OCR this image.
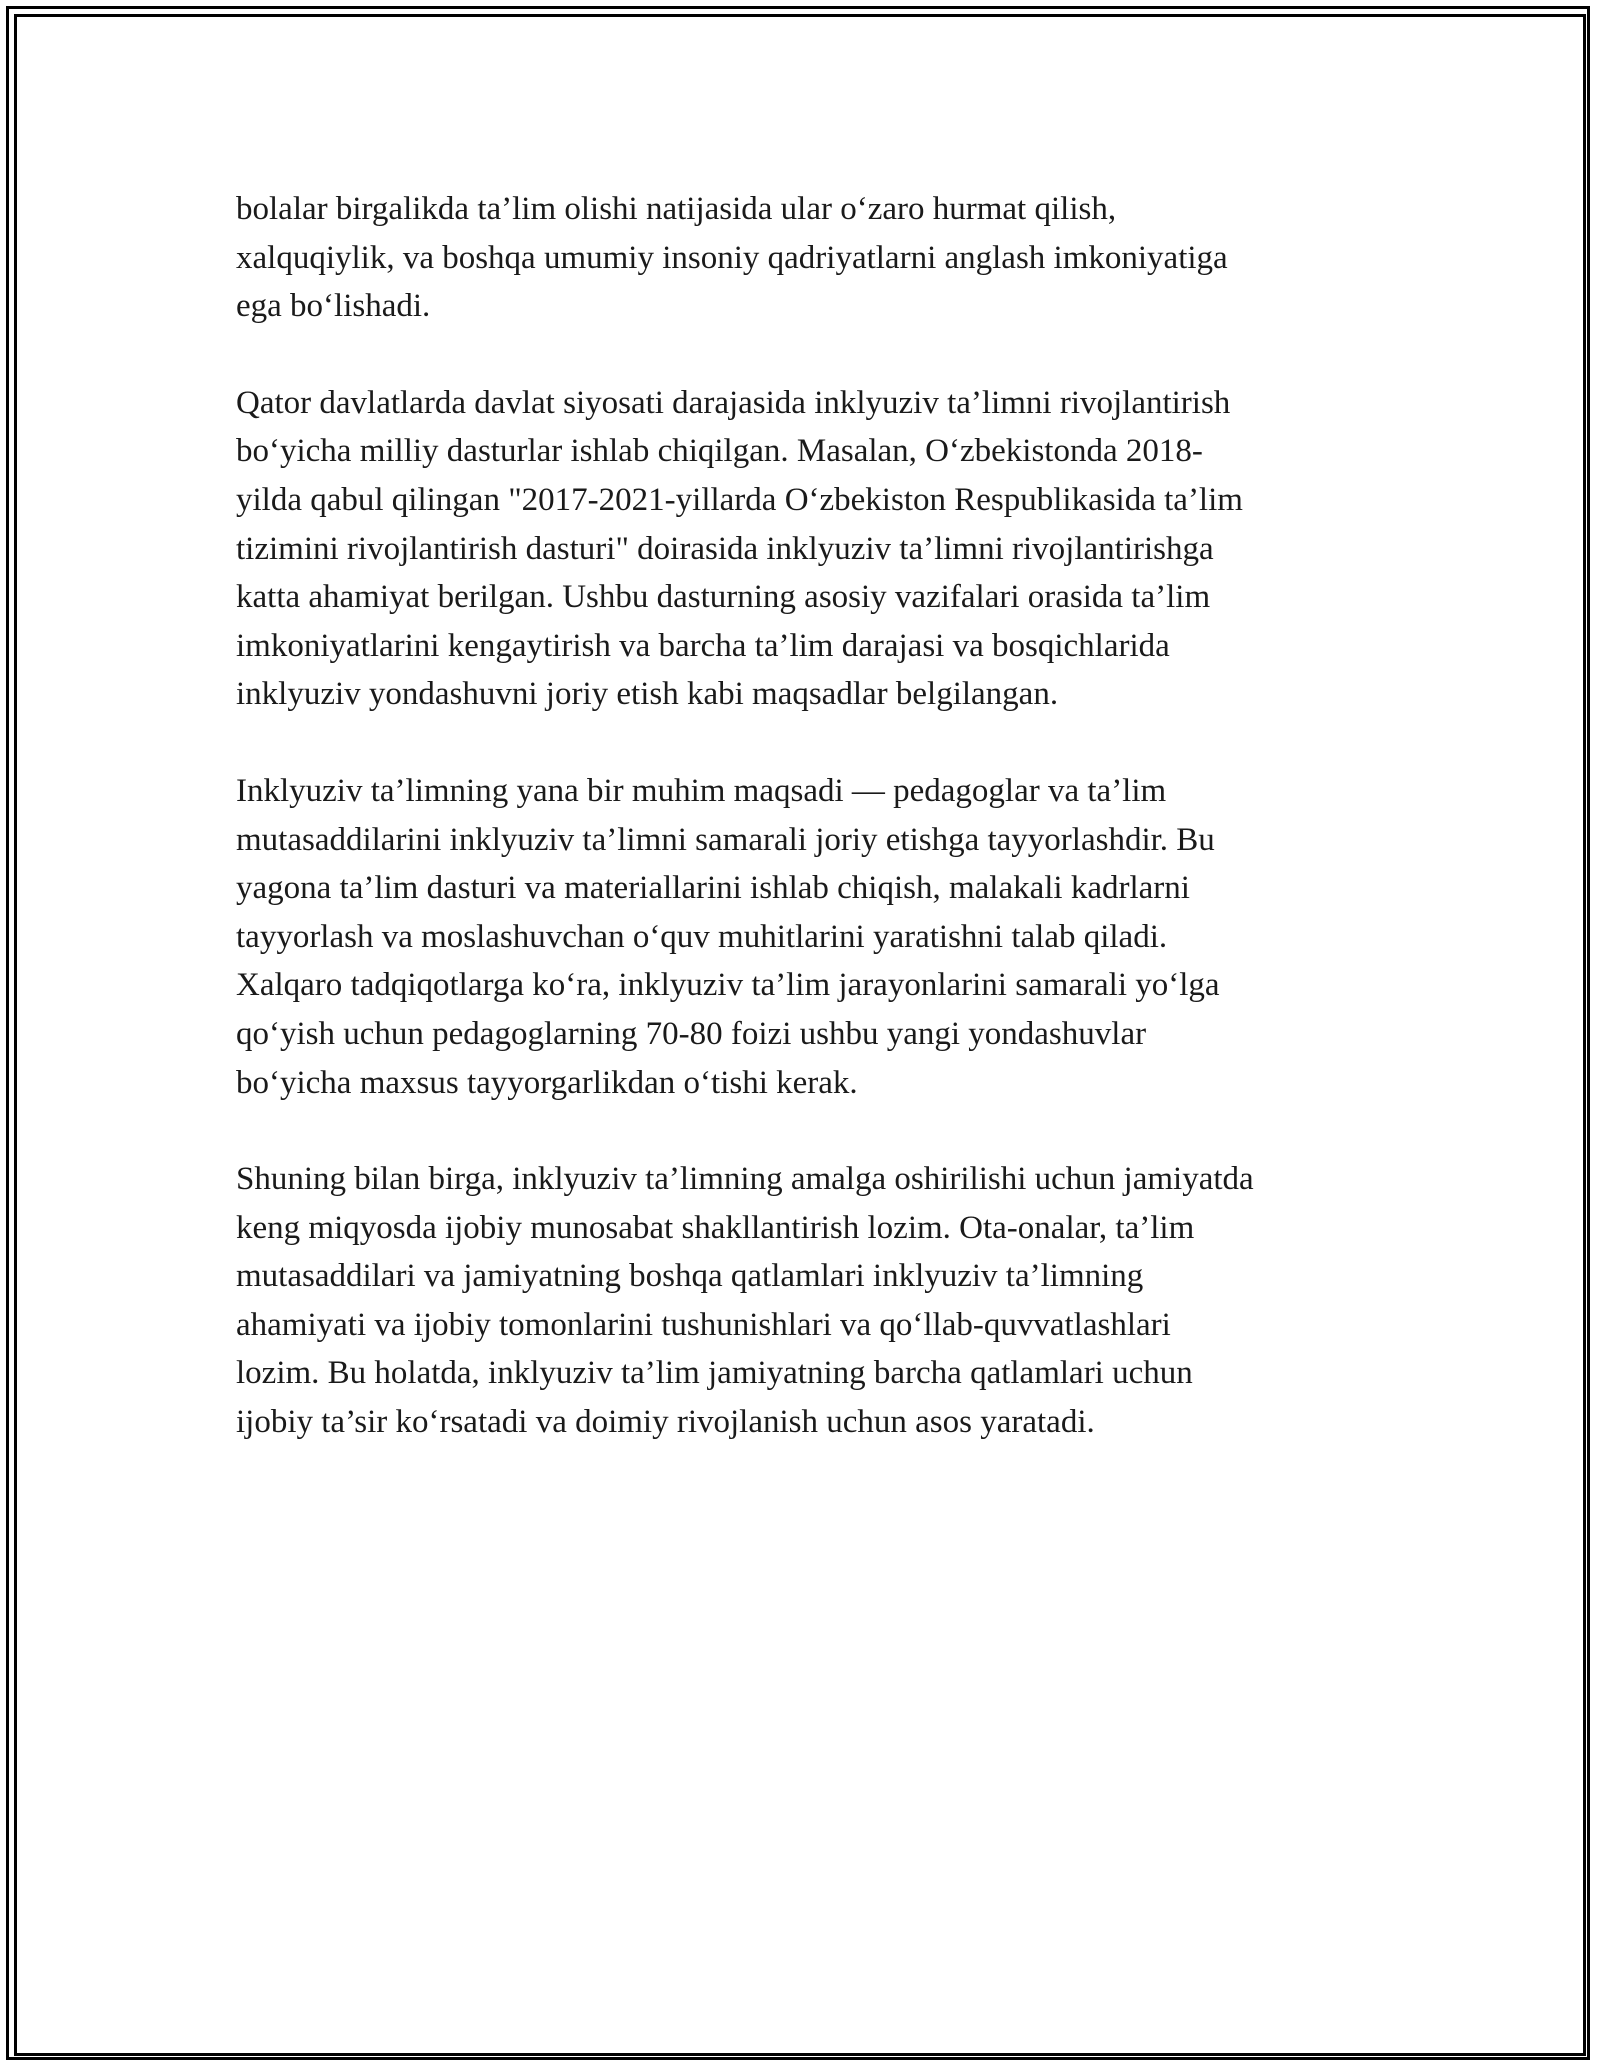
bolalar birgalikda ta’lim olishi natijasida ular o‘zaro hurmat qilish,
xalquqiylik, va boshqa umumiy insoniy qadriyatlarni anglash imkoniyatiga
ega bo‘lishadi.

Qator davlatlarda davlat siyosati darajasida inklyuziv ta’limni rivojlantirish
bo‘yicha milliy dasturlar ishlab chiqilgan. Masalan, O‘zbekistonda 2018-
yilda qabul qilingan "2017-2021-yillarda O‘zbekiston Respublikasida ta’lim
tizimini rivojlantirish dasturi" doirasida inklyuziv ta’limni rivojlantirishga
katta ahamiyat berilgan. Ushbu dasturning asosiy vazifalari orasida ta’lim
imkoniyatlarini kengaytirish va barcha ta’lim darajasi va bosqichlarida
inklyuziv yondashuvni joriy etish kabi maqsadlar belgilangan.

Inklyuziv ta’limning yana bir muhim maqsadi — pedagoglar va ta’lim
mutasaddilarini inklyuziv ta’limni samarali joriy etishga tayyorlashdir. Bu
yagona ta’lim dasturi va materiallarini ishlab chiqish, malakali kadrlarni
tayyorlash va moslashuvchan o‘quv muhitlarini yaratishni talab qiladi.
Xalqaro tadqiqotlarga ko‘ra, inklyuziv ta’lim jarayonlarini samarali yo‘lga
qo‘yish uchun pedagoglarning 70-80 foizi ushbu yangi yondashuvlar
bo‘yicha maxsus tayyorgarlikdan o‘tishi kerak.

Shuning bilan birga, inklyuziv ta’limning amalga oshirilishi uchun jamiyatda
keng miqyosda ijobiy munosabat shakllantirish lozim. Ota-onalar, ta’lim
mutasaddilari va jamiyatning boshqa qatlamlari inklyuziv ta’limning
ahamiyati va ijobiy tomonlarini tushunishlari va qo‘llab-quvvatlashlari
lozim. Bu holatda, inklyuziv ta’lim jamiyatning barcha qatlamlari uchun
ijobiy ta’sir ko‘rsatadi va doimiy rivojlanish uchun asos yaratadi.
